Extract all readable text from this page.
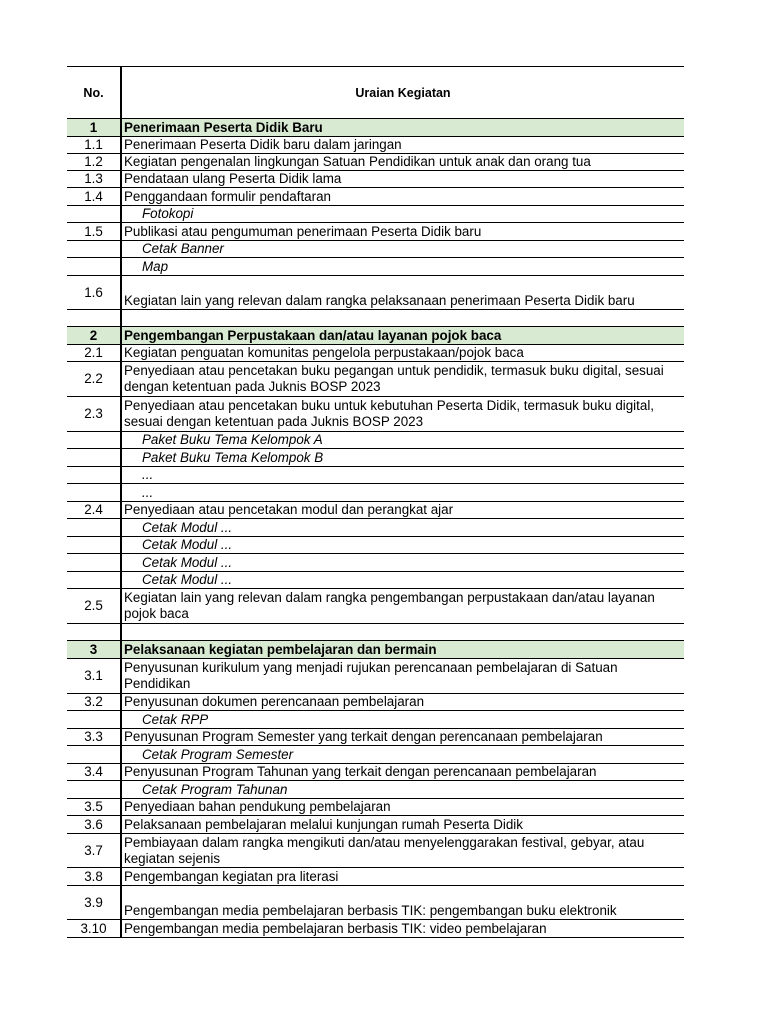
No.	Uraian Kegiatan
1	Penerimaan Peserta Didik Baru
1.1	Penerimaan Peserta Didik baru dalam jaringan
1.2	Kegiatan pengenalan lingkungan Satuan Pendidikan untuk anak dan orang tua
1.3	Pendataan ulang Peserta Didik lama
1.4	Penggandaan formulir pendaftaran
	Fotokopi
1.5	Publikasi atau pengumuman penerimaan Peserta Didik baru
	Cetak Banner
	Map
1.6	Kegiatan lain yang relevan dalam rangka pelaksanaan penerimaan Peserta Didik baru

2	Pengembangan Perpustakaan dan/atau layanan pojok baca
2.1	Kegiatan penguatan komunitas pengelola perpustakaan/pojok baca
2.2	Penyediaan atau pencetakan buku pegangan untuk pendidik, termasuk buku digital, sesuai dengan ketentuan pada Juknis BOSP 2023
2.3	Penyediaan atau pencetakan buku untuk kebutuhan Peserta Didik, termasuk buku digital, sesuai dengan ketentuan pada Juknis BOSP 2023
	Paket Buku Tema Kelompok A
	Paket Buku Tema Kelompok B
	...
	...
2.4	Penyediaan atau pencetakan modul dan perangkat ajar
	Cetak Modul ...
	Cetak Modul ...
	Cetak Modul ...
	Cetak Modul ...
2.5	Kegiatan lain yang relevan dalam rangka pengembangan perpustakaan dan/atau layanan pojok baca

3	Pelaksanaan kegiatan pembelajaran dan bermain
3.1	Penyusunan kurikulum yang menjadi rujukan perencanaan pembelajaran di Satuan Pendidikan
3.2	Penyusunan dokumen perencanaan pembelajaran
	Cetak RPP
3.3	Penyusunan Program Semester yang terkait dengan perencanaan pembelajaran
	Cetak Program Semester
3.4	Penyusunan Program Tahunan yang terkait dengan perencanaan pembelajaran
	Cetak Program Tahunan
3.5	Penyediaan bahan pendukung pembelajaran
3.6	Pelaksanaan pembelajaran melalui kunjungan rumah Peserta Didik
3.7	Pembiayaan dalam rangka mengikuti dan/atau menyelenggarakan festival, gebyar, atau kegiatan sejenis
3.8	Pengembangan kegiatan pra literasi
3.9	Pengembangan media pembelajaran berbasis TIK: pengembangan buku elektronik
3.10	Pengembangan media pembelajaran berbasis TIK: video pembelajaran
